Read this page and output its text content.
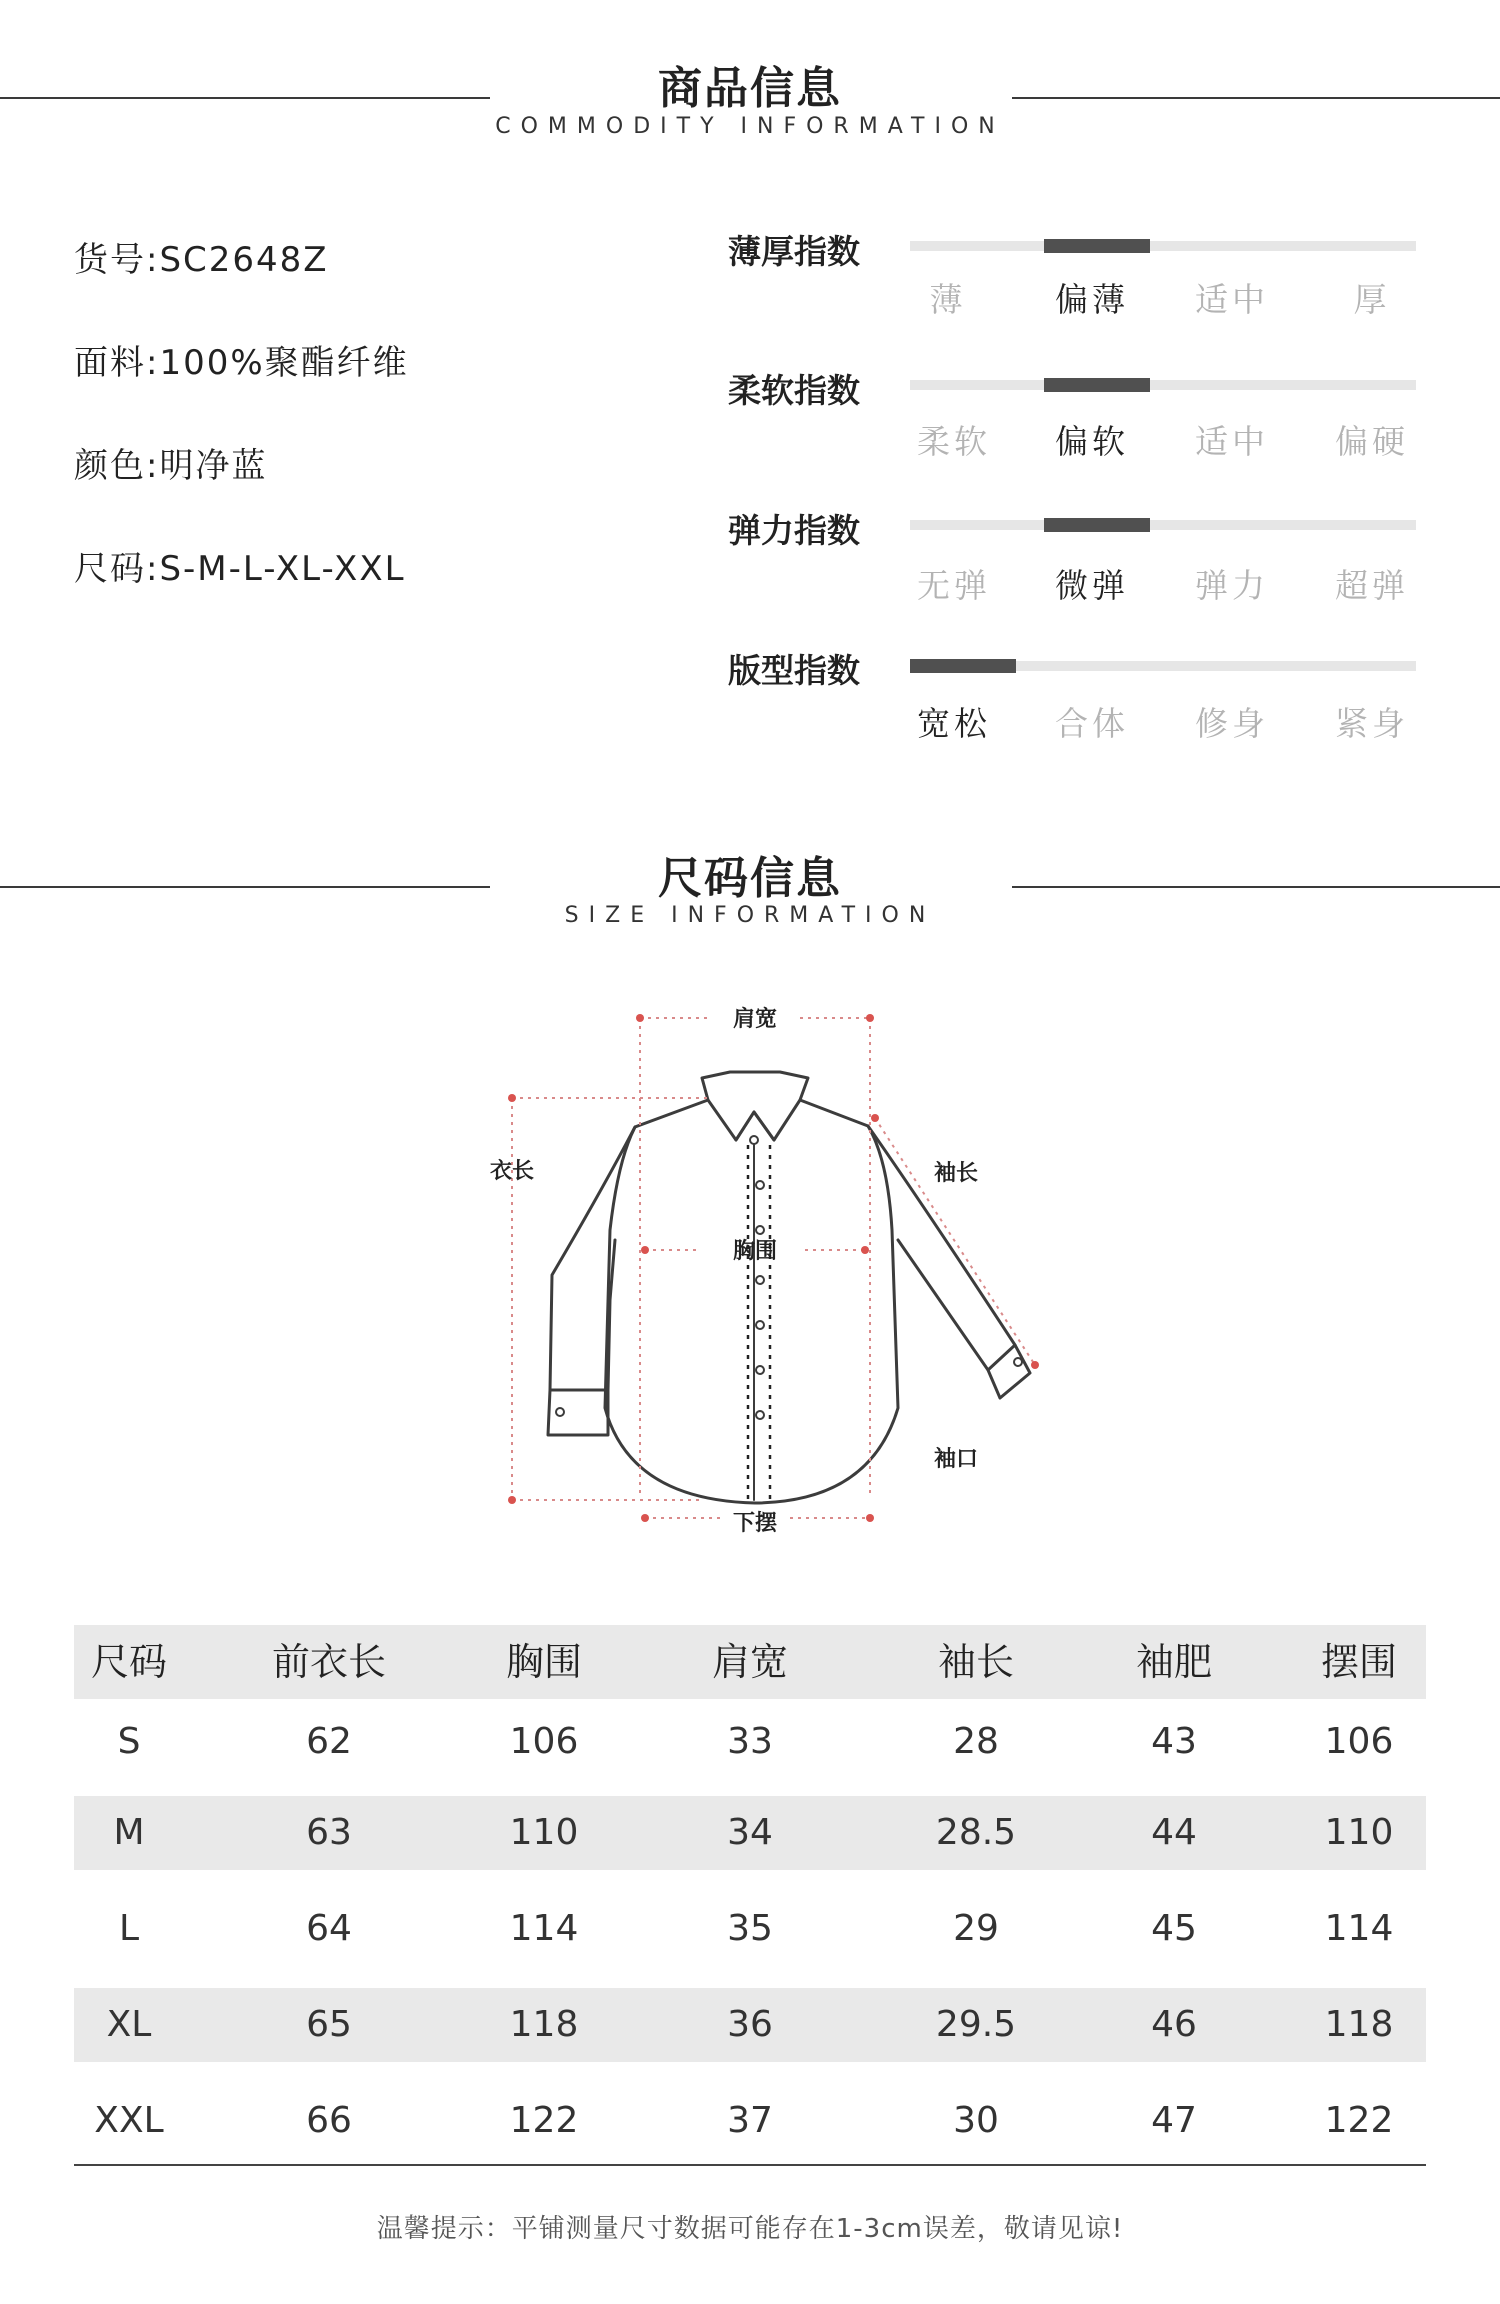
商品信息
COMMODITY INFORMATION
货号:SC2648Z
面料:100%聚酯纤维
颜色:明净蓝
尺码:S-M-L-XL-XXL
薄厚指数
薄	偏薄	适中	厚
柔软指数
柔软	偏软	适中	偏硬
弹力指数
无弹	微弹	弹力	超弹
版型指数
宽松	合体	修身	紧身
尺码信息
SIZE INFORMATION
肩宽
衣长	袖长
胸围
袖口
下摆
尺码	前衣长	胸围	肩宽	袖长	袖肥	摆围
S	62	106	33	28	43	106
M	63	110	34	28.5	44	110
L	64	114	35	29	45	114
XL	65	118	36	29.5	46	118
XXL	66	122	37	30	47	122
温馨提示：平铺测量尺寸数据可能存在1-3cm误差，敬请见谅!
